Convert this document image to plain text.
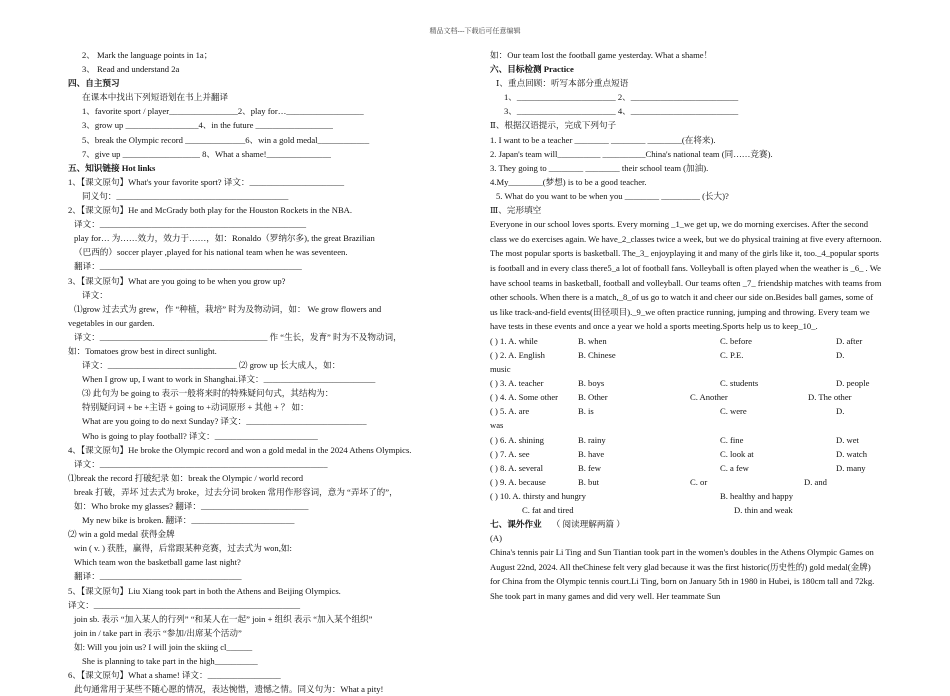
精品文档---下载后可任意编辑
2、 Mark the language points in 1a；
3、 Read and understand 2a
四、自主预习
在课本中找出下列短语划在书上并翻译
1、favorite sport / player________________2、play for…__________________
3、grow up _________________4、in the future __________________
5、break the Olympic record ______________6、win a gold medal____________
7、give up __________________ 8、What a shame!_______________
五、知识链接 Hot links
1、【课文原句】What's your favorite sport? 译文：______________________
同义句：________________________________________
2、【课文原句】He and McGrady both play for the Houston Rockets in the NBA.
译文：________________________________________________
play for… 为……效力，效力于……，如：Ronaldo（罗纳尔多), the great Brazilian
（巴西的）soccer player ,played for his national team when he was seventeen.
翻译：_______________________________________________
3、【课文原句】What are you going to be when you grow up?
译文：
⑴grow 过去式为 grew，作 “种植，栽培” 时为及物动词，如： We grow flowers and
vegetables in our garden.
译文：_______________________________________ 作 “生长，发育” 时为不及物动词，
如：Tomatoes grow best in direct sunlight.
译文：______________________________ ⑵ grow up 长大成人，如：
When I grow up, I want to work in Shanghai.译文：__________________________
⑶ 此句为 be going to 表示一般将来时的特殊疑问句式，其结构为：
特别疑问词 + be +主语 + going to +动词原形 + 其他 + ？ 如：
What are you going to do next Sunday? 译文：____________________________
Who is going to play football? 译文：________________________
4、【课文原句】He broke the Olympic record and won a gold medal in the 2024 Athens Olympics.
译文：_____________________________________________________
⑴break the record 打破纪录 如：break the Olympic / world record
break 打破，弄坏 过去式为 broke，过去分词 broken 常用作形容词，意为 “弄坏了的”，
如：Who broke my glasses? 翻译：_________________________
My new bike is broken. 翻译：________________________
⑵ win a gold medal 获得金牌
win ( v. ) 获胜，赢得，后常跟某种竞赛，过去式为 won,如:
Which team won the basketball game last night?
翻译：_________________________________
5、【课文原句】Liu Xiang took part in both the Athens and Beijing Olympics.
译文：________________________________________________
join sb. 表示 “加入某人的行列” “和某人在一起” join + 组织 表示 “加入某个组织”
join in / take part in 表示 “参加/出席某个活动”
如: Will you join us? I will join the skiing cl______
She is planning to take part in the high__________
6、【课文原句】What a shame! 译文：_________________
此句通常用于某些不随心愿的情况，表达惋惜，遗憾之情。同义句为：What a pity!
如：Our team lost the football game yesterday. What a shame！
六、目标检测 Practice
Ⅰ、重点回顾：听写本部分重点短语
1、_______________________ 2、_________________________
3、_______________________ 4、_________________________
Ⅱ、根据汉语提示，完成下列句子
1. I want to be a teacher ________ ________ ________(在将来).
2. Japan's team will__________ __________China's national team (同……竞赛).
3. They going to ________ ________ their school team (加油).
4.My________(梦想) is to be a good teacher.
5. What do you want to be when you ________ _________ (长大)?
Ⅲ、完形填空
Everyone in our school loves sports. Every morning _1_we get up, we do morning exercises. After the second class we do exercises again. We have_2_classes twice a week, but we do physical training at five every afternoon. The most popular sports is basketball. The_3_ enjoyplaying it and many of the girls like it, too._4_popular sports is football and in every class there5_a lot of football fans. Volleyball is often played when the weather is _6_ . We have school teams in basketball, football and volleyball. Our teams often _7_ friendship matches with teams from other schools. When there is a match,_8_of us go to watch it and cheer our side on.Besides ball games, some of us like track-and-field events(田径项目)._9_we often practice running, jumping and throwing. Every team we have tests in these events and once a year we hold a sports meeting.Sports help us to keep_10_.
( ) 1. A. while	B. when	C. before	D. after
( ) 2. A. English	B. Chinese	C. P.E.	D.
music
( ) 3. A. teacher	B. boys	C. students	D. people
( ) 4. A. Some other	B. Other	C. Another	D. The other
( ) 5. A. are	B. is	C. were	D.
was
( ) 6. A. shining	B. rainy	C. fine	D. wet
( ) 7. A. see	B. have	C. look at	D. watch
( ) 8. A. several	B. few	C. a few	D. many
( ) 9. A. because	B. but	C. or	D. and
( ) 10. A. thirsty and hungry	B. healthy and happy
C. fat and tired	D. thin and weak
七、课外作业 （ 阅读理解两篇 ）
(A)
China's tennis pair Li Ting and Sun Tiantian took part in the women's doubles in the Athens Olympic Games on August 22nd, 2024. All theChinese felt very glad because it was the first historic(历史性的) gold medal(金牌) for China from the Olympic tennis court.Li Ting, born on January 5th in 1980 in Hubei, is 180cm tall and 72kg. She took part in many games and did very well. Her teammate Sun
